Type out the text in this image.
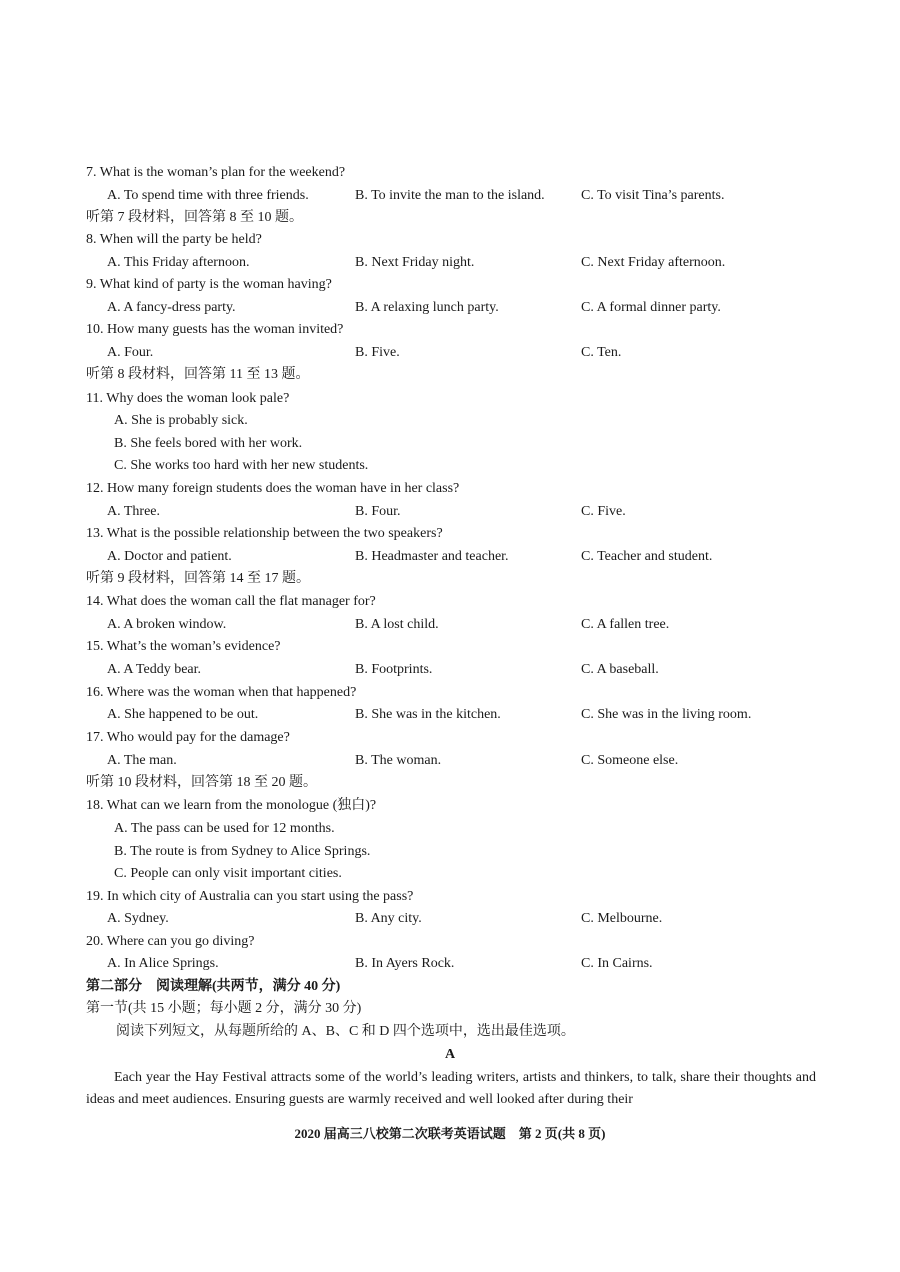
7. What is the woman’s plan for the weekend?
A. To spend time with three friends.	B. To invite the man to the island.	C. To visit Tina’s parents.
听第 7 段材料，回答第 8 至 10 题。
8. When will the party be held?
A. This Friday afternoon.	B. Next Friday night.	C. Next Friday afternoon.
9. What kind of party is the woman having?
A. A fancy-dress party.	B. A relaxing lunch party.	C. A formal dinner party.
10. How many guests has the woman invited?
A. Four.	B. Five.	C. Ten.
听第 8 段材料，回答第 11 至 13 题。
11. Why does the woman look pale?
A. She is probably sick.
B. She feels bored with her work.
C. She works too hard with her new students.
12. How many foreign students does the woman have in her class?
A. Three.	B. Four.	C. Five.
13. What is the possible relationship between the two speakers?
A. Doctor and patient.	B. Headmaster and teacher.	C. Teacher and student.
听第 9 段材料，回答第 14 至 17 题。
14. What does the woman call the flat manager for?
A. A broken window.	B. A lost child.	C. A fallen tree.
15. What’s the woman’s evidence?
A. A Teddy bear.	B. Footprints.	C. A baseball.
16. Where was the woman when that happened?
A. She happened to be out.	B. She was in the kitchen.	C. She was in the living room.
17. Who would pay for the damage?
A. The man.	B. The woman.	C. Someone else.
听第 10 段材料，回答第 18 至 20 题。
18. What can we learn from the monologue (独白)?
A. The pass can be used for 12 months.
B. The route is from Sydney to Alice Springs.
C. People can only visit important cities.
19. In which city of Australia can you start using the pass?
A. Sydney.	B. Any city.	C. Melbourne.
20. Where can you go diving?
A. In Alice Springs.	B. In Ayers Rock.	C. In Cairns.
第二部分　阅读理解(共两节，满分 40 分)
第一节(共 15 小题；每小题 2 分，满分 30 分)
阅读下列短文，从每题所给的 A、B、C 和 D 四个选项中，选出最佳选项。
A
Each year the Hay Festival attracts some of the world’s leading writers, artists and thinkers, to talk, share their thoughts and ideas and meet audiences. Ensuring guests are warmly received and well looked after during their
2020 届高三八校第二次联考英语试题　第 2 页(共 8 页)
